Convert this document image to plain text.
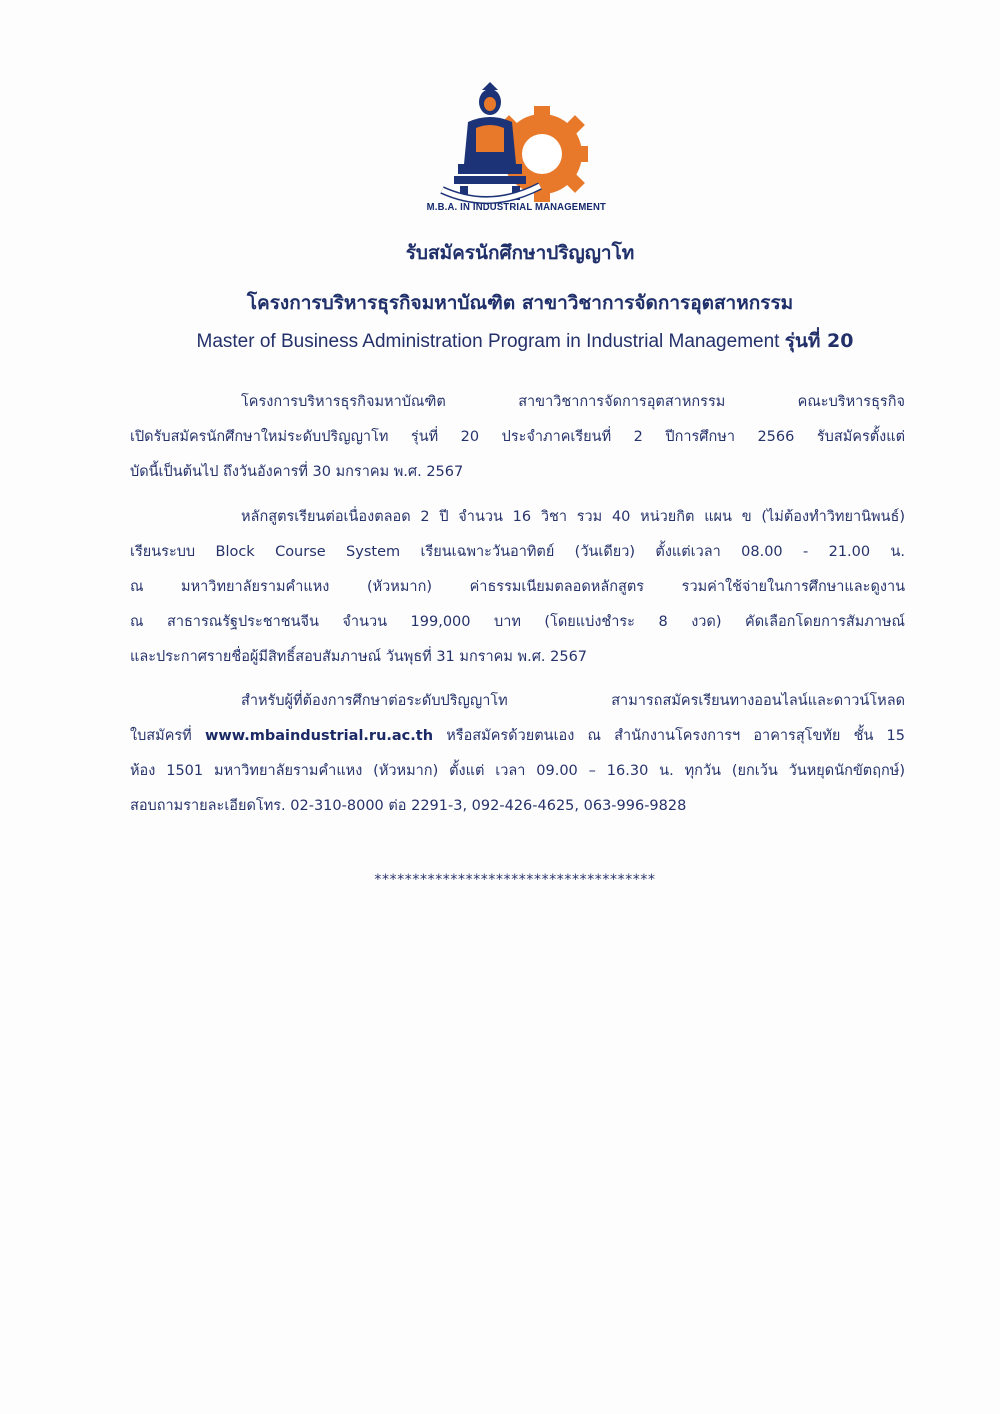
M.B.A. IN INDUSTRIAL MANAGEMENT
รับสมัครนักศึกษาปริญญาโท
โครงการบริหารธุรกิจมหาบัณฑิต สาขาวิชาการจัดการอุตสาหกรรม
Master of Business Administration Program in Industrial Management รุ่นที่ 20
โครงการบริหารธุรกิจมหาบัณฑิต สาขาวิชาการจัดการอุตสาหกรรม คณะบริหารธุรกิจ
เปิดรับสมัครนักศึกษาใหม่ระดับปริญญาโท รุ่นที่ 20 ประจำภาคเรียนที่ 2 ปีการศึกษา 2566 รับสมัครตั้งแต่
บัดนี้เป็นต้นไป ถึงวันอังคารที่ 30 มกราคม พ.ศ. 2567
หลักสูตรเรียนต่อเนื่องตลอด 2 ปี จำนวน 16 วิชา รวม 40 หน่วยกิต แผน ข (ไม่ต้องทำวิทยานิพนธ์)
เรียนระบบ Block Course System เรียนเฉพาะวันอาทิตย์ (วันเดียว) ตั้งแต่เวลา 08.00 - 21.00 น.
ณ มหาวิทยาลัยรามคำแหง (หัวหมาก) ค่าธรรมเนียมตลอดหลักสูตร รวมค่าใช้จ่ายในการศึกษาและดูงาน
ณ สาธารณรัฐประชาชนจีน จำนวน 199,000 บาท (โดยแบ่งชำระ 8 งวด) คัดเลือกโดยการสัมภาษณ์
และประกาศรายชื่อผู้มีสิทธิ์สอบสัมภาษณ์ วันพุธที่ 31 มกราคม พ.ศ. 2567
สำหรับผู้ที่ต้องการศึกษาต่อระดับปริญญาโท สามารถสมัครเรียนทางออนไลน์และดาวน์โหลด
ใบสมัครที่ www.mbaindustrial.ru.ac.th หรือสมัครด้วยตนเอง ณ สำนักงานโครงการฯ อาคารสุโขทัย ชั้น 15
ห้อง 1501 มหาวิทยาลัยรามคำแหง (หัวหมาก) ตั้งแต่ เวลา 09.00 – 16.30 น. ทุกวัน (ยกเว้น วันหยุดนักขัตฤกษ์)
สอบถามรายละเอียดโทร. 02-310-8000 ต่อ 2291-3, 092-426-4625, 063-996-9828
*************************************
